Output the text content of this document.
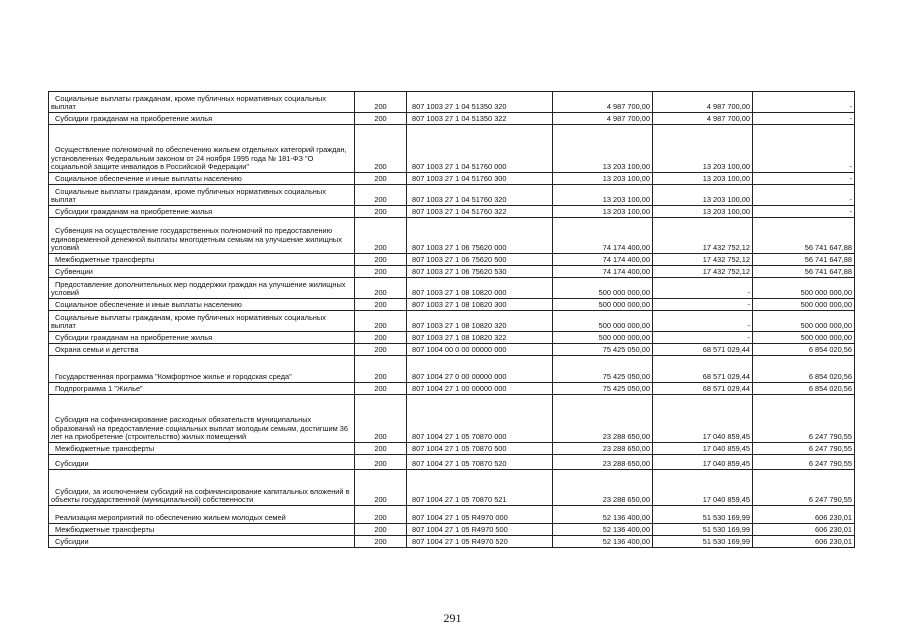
Социальные выплаты гражданам, кроме публичных нормативных социальных выплат	200	807 1003 27 1 04 51350 320	4 987 700,00	4 987 700,00	-
Субсидии гражданам на приобретение жилья	200	807 1003 27 1 04 51350 322	4 987 700,00	4 987 700,00	-
Осуществление полномочий по обеспечению жильем отдельных категорий граждан, установленных Федеральным законом от 24 ноября 1995 года № 181-ФЗ "О социальной защите инвалидов в Российской Федерации"	200	807 1003 27 1 04 51760 000	13 203 100,00	13 203 100,00	-
Социальное обеспечение и иные выплаты населению	200	807 1003 27 1 04 51760 300	13 203 100,00	13 203 100,00	-
Социальные выплаты гражданам, кроме публичных нормативных социальных выплат	200	807 1003 27 1 04 51760 320	13 203 100,00	13 203 100,00	-
Субсидии гражданам на приобретение жилья	200	807 1003 27 1 04 51760 322	13 203 100,00	13 203 100,00	-
Субвенция на осуществление государственных полномочий по предоставлению единовременной денежной выплаты многодетным семьям на улучшение жилищных условий	200	807 1003 27 1 06 75620 000	74 174 400,00	17 432 752,12	56 741 647,88
Межбюджетные трансферты	200	807 1003 27 1 06 75620 500	74 174 400,00	17 432 752,12	56 741 647,88
Субвенции	200	807 1003 27 1 06 75620 530	74 174 400,00	17 432 752,12	56 741 647,88
Предоставление дополнительных мер поддержки граждан на улучшение жилищных условий	200	807 1003 27 1 08 10820 000	500 000 000,00	-	500 000 000,00
Социальное обеспечение и иные выплаты населению	200	807 1003 27 1 08 10820 300	500 000 000,00	-	500 000 000,00
Социальные выплаты гражданам, кроме публичных нормативных социальных выплат	200	807 1003 27 1 08 10820 320	500 000 000,00	-	500 000 000,00
Субсидии гражданам на приобретение жилья	200	807 1003 27 1 08 10820 322	500 000 000,00	-	500 000 000,00
Охрана семьи и детства	200	807 1004 00 0 00 00000 000	75 425 050,00	68 571 029,44	6 854 020,56
Государственная программа "Комфортное жилье и городская среда"	200	807 1004 27 0 00 00000 000	75 425 050,00	68 571 029,44	6 854 020,56
Подпрограмма 1 "Жилье"	200	807 1004 27 1 00 00000 000	75 425 050,00	68 571 029,44	6 854 020,56
Субсидия на софинансирование расходных обязательств муниципальных образований на предоставление социальных выплат молодым семьям, достигшим 36 лет на приобретение (строительство) жилых помещений	200	807 1004 27 1 05 70870 000	23 288 650,00	17 040 859,45	6 247 790,55
Межбюджетные трансферты	200	807 1004 27 1 05 70870 500	23 288 650,00	17 040 859,45	6 247 790,55
Субсидии	200	807 1004 27 1 05 70870 520	23 288 650,00	17 040 859,45	6 247 790,55
Субсидии, за исключением субсидий на софинансирование капитальных вложений в объекты государственной (муниципальной) собственности	200	807 1004 27 1 05 70870 521	23 288 650,00	17 040 859,45	6 247 790,55
Реализация мероприятий по обеспечению жильем молодых семей	200	807 1004 27 1 05 R4970 000	52 136 400,00	51 530 169,99	606 230,01
Межбюджетные трансферты	200	807 1004 27 1 05 R4970 500	52 136 400,00	51 530 169,99	606 230,01
Субсидии	200	807 1004 27 1 05 R4970 520	52 136 400,00	51 530 169,99	606 230,01
291
